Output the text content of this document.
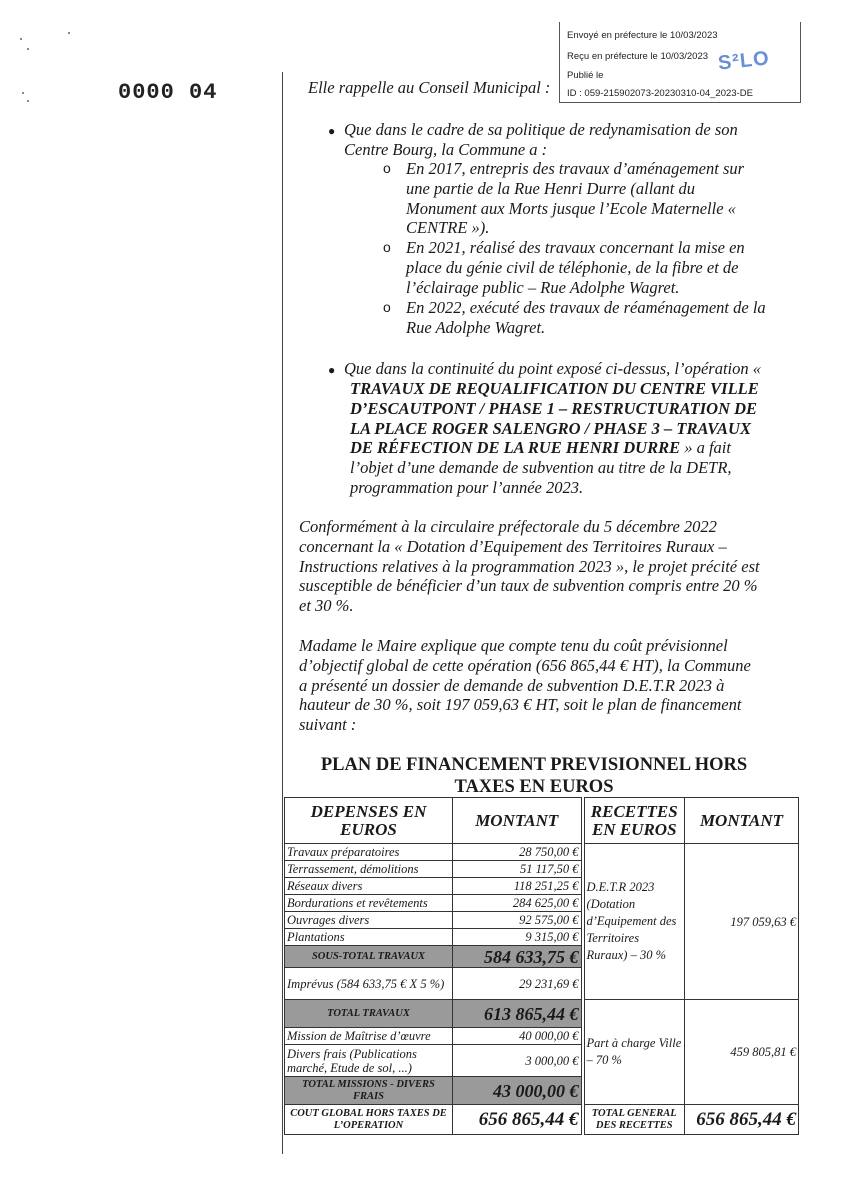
0000 04
Envoyé en préfecture le 10/03/2023
Reçu en préfecture le 10/03/2023
Publié le
ID : 059-215902073-20230310-04_2023-DE
S²LO
Elle rappelle au Conseil Municipal :
● Que dans le cadre de sa politique de redynamisation de son
Centre Bourg, la Commune a :
o En 2017, entrepris des travaux d’aménagement sur
une partie de la Rue Henri Durre (allant du
Monument aux Morts jusque l’Ecole Maternelle «
CENTRE »).
o En 2021, réalisé des travaux concernant la mise en
place du génie civil de téléphonie, de la fibre et de
l’éclairage public – Rue Adolphe Wagret.
o En 2022, exécuté des travaux de réaménagement de la
Rue Adolphe Wagret.
● Que dans la continuité du point exposé ci-dessus, l’opération «
TRAVAUX DE REQUALIFICATION DU CENTRE VILLE
D’ESCAUTPONT / PHASE 1 – RESTRUCTURATION DE
LA PLACE ROGER SALENGRO / PHASE 3 – TRAVAUX
DE RÉFECTION DE LA RUE HENRI DURRE » a fait
l’objet d’une demande de subvention au titre de la DETR,
programmation pour l’année 2023.
Conformément à la circulaire préfectorale du 5 décembre 2022
concernant la « Dotation d’Equipement des Territoires Ruraux –
Instructions relatives à la programmation 2023 », le projet précité est
susceptible de bénéficier d’un taux de subvention compris entre 20 %
et 30 %.
Madame le Maire explique que compte tenu du coût prévisionnel
d’objectif global de cette opération (656 865,44 € HT), la Commune
a présenté un dossier de demande de subvention D.E.T.R 2023 à
hauteur de 30 %, soit 197 059,63 € HT, soit le plan de financement
suivant :
PLAN DE FINANCEMENT PREVISIONNEL HORS
TAXES EN EUROS
DEPENSES EN EUROS	MONTANT	RECETTES EN EUROS	MONTANT
Travaux préparatoires	28 750,00 €	D.E.T.R 2023 (Dotation d’Equipement des Territoires Ruraux) – 30 %	197 059,63 €
Terrassement, démolitions	51 117,50 €		
Réseaux divers	118 251,25 €		
Bordurations et revêtements	284 625,00 €		
Ouvrages divers	92 575,00 €		
Plantations	9 315,00 €		
SOUS-TOTAL TRAVAUX	584 633,75 €		
Imprévus (584 633,75 € X 5 %)	29 231,69 €		
TOTAL TRAVAUX	613 865,44 €	Part à charge Ville – 70 %	459 805,81 €
Mission de Maîtrise d’œuvre	40 000,00 €		
Divers frais (Publications marché, Etude de sol, ...)	3 000,00 €		
TOTAL MISSIONS - DIVERS FRAIS	43 000,00 €		
COUT GLOBAL HORS TAXES DE L’OPERATION	656 865,44 €	TOTAL GENERAL DES RECETTES	656 865,44 €
